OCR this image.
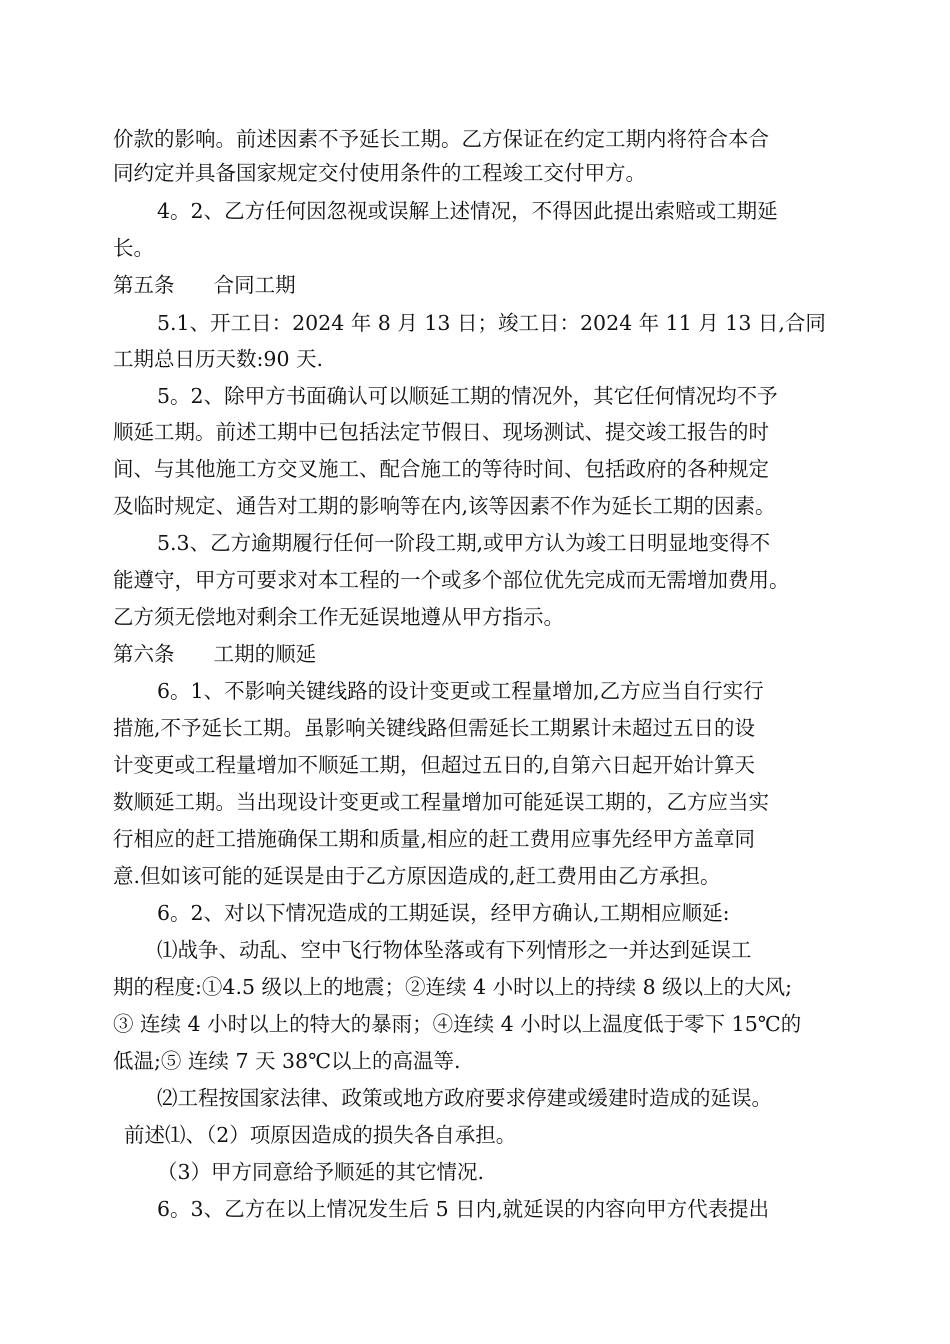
价款的影响。前述因素不予延长工期。乙方保证在约定工期内将符合本合

同约定并具备国家规定交付使用条件的工程竣工交付甲方。

4。2、乙方任何因忽视或误解上述情况，不得因此提出索赔或工期延

长。

第五条      合同工期

5.1、开工日：2024 年 8 月 13 日；竣工日：2024 年 11 月 13 日,合同

工期总日历天数:90 天.

5。2、除甲方书面确认可以顺延工期的情况外，其它任何情况均不予

顺延工期。前述工期中已包括法定节假日、现场测试、提交竣工报告的时

间、与其他施工方交叉施工、配合施工的等待时间、包括政府的各种规定

及临时规定、通告对工期的影响等在内,该等因素不作为延长工期的因素。

5.3、乙方逾期履行任何一阶段工期,或甲方认为竣工日明显地变得不

能遵守，甲方可要求对本工程的一个或多个部位优先完成而无需增加费用。

乙方须无偿地对剩余工作无延误地遵从甲方指示。

第六条      工期的顺延

6。1、不影响关键线路的设计变更或工程量增加,乙方应当自行实行

措施,不予延长工期。虽影响关键线路但需延长工期累计未超过五日的设

计变更或工程量增加不顺延工期，但超过五日的,自第六日起开始计算天

数顺延工期。当出现设计变更或工程量增加可能延误工期的，乙方应当实

行相应的赶工措施确保工期和质量,相应的赶工费用应事先经甲方盖章同

意.但如该可能的延误是由于乙方原因造成的,赶工费用由乙方承担。

6。2、对以下情况造成的工期延误，经甲方确认,工期相应顺延:

⑴战争、动乱、空中飞行物体坠落或有下列情形之一并达到延误工

期的程度:①4.5 级以上的地震；②连续 4 小时以上的持续 8 级以上的大风;

③ 连续 4 小时以上的特大的暴雨；④连续 4 小时以上温度低于零下 15℃的

低温;⑤ 连续 7 天 38℃以上的高温等.

⑵工程按国家法律、政策或地方政府要求停建或缓建时造成的延误。

前述⑴、（2）项原因造成的损失各自承担。

（3）甲方同意给予顺延的其它情况.

6。3、乙方在以上情况发生后 5 日内,就延误的内容向甲方代表提出
